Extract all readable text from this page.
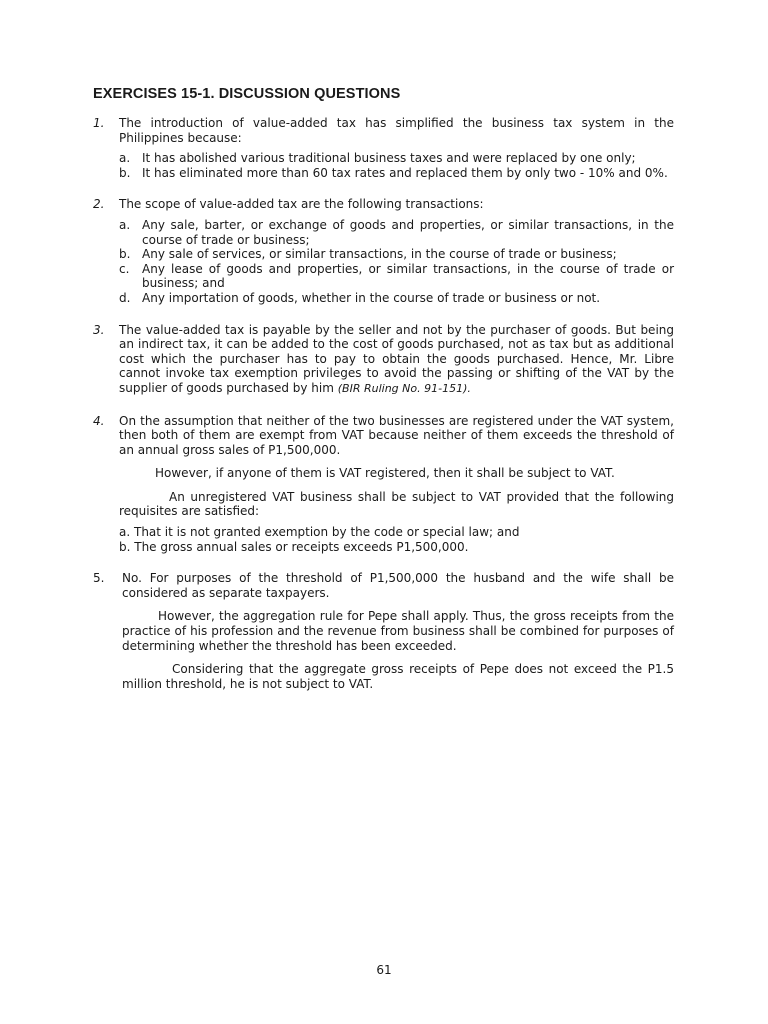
EXERCISES 15-1. DISCUSSION QUESTIONS
1. The introduction of value-added tax has simplified the business tax system in the Philippines because:

a. It has abolished various traditional business taxes and were replaced by one only;
b. It has eliminated more than 60 tax rates and replaced them by only two - 10% and 0%.
2. The scope of value-added tax are the following transactions:

a. Any sale, barter, or exchange of goods and properties, or similar transactions, in the course of trade or business;
b. Any sale of services, or similar transactions, in the course of trade or business;
c. Any lease of goods and properties, or similar transactions, in the course of trade or business; and
d. Any importation of goods, whether in the course of trade or business or not.
3. The value-added tax is payable by the seller and not by the purchaser of goods. But being an indirect tax, it can be added to the cost of goods purchased, not as tax but as additional cost which the purchaser has to pay to obtain the goods purchased. Hence, Mr. Libre cannot invoke tax exemption privileges to avoid the passing or shifting of the VAT by the supplier of goods purchased by him (BIR Ruling No. 91-151).

4. On the assumption that neither of the two businesses are registered under the VAT system, then both of them are exempt from VAT because neither of them exceeds the threshold of an annual gross sales of P1,500,000.

However, if anyone of them is VAT registered, then it shall be subject to VAT.

An unregistered VAT business shall be subject to VAT provided that the following requisites are satisfied:

a. That it is not granted exemption by the code or special law; and
b. The gross annual sales or receipts exceeds P1,500,000.
5. No. For purposes of the threshold of P1,500,000 the husband and the wife shall be considered as separate taxpayers.

However, the aggregation rule for Pepe shall apply. Thus, the gross receipts from the practice of his profession and the revenue from business shall be combined for purposes of determining whether the threshold has been exceeded.

Considering that the aggregate gross receipts of Pepe does not exceed the P1.5 million threshold, he is not subject to VAT.

61
